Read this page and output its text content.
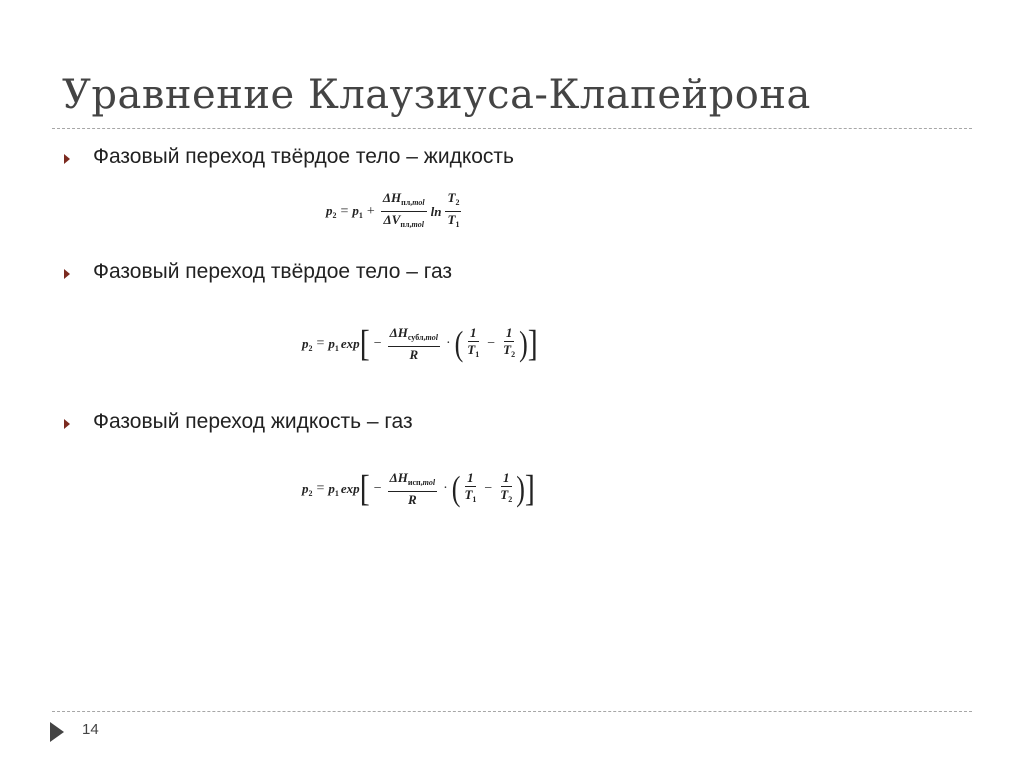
Уравнение Клаузиуса-Клапейрона
Фазовый переход твёрдое тело – жидкость
$p_2 = p_1 + \frac{\Delta H_{пл,mol}}{\Delta V_{пл,mol}}$ $\ln \frac{T_2}{T_1}$
Фазовый переход твёрдое тело – газ
$p_2 = p_1$ exp [ − $\frac{\Delta H_{субл,mol}}{R}$ · ( $\frac{1}{T_1} - \frac{1}{T_2}$ ) ]
Фазовый переход жидкость – газ
$p_2 = p_1$ exp [ − $\frac{\Delta H_{исп,mol}}{R}$ · ( $\frac{1}{T_1} - \frac{1}{T_2}$ ) ]
14
